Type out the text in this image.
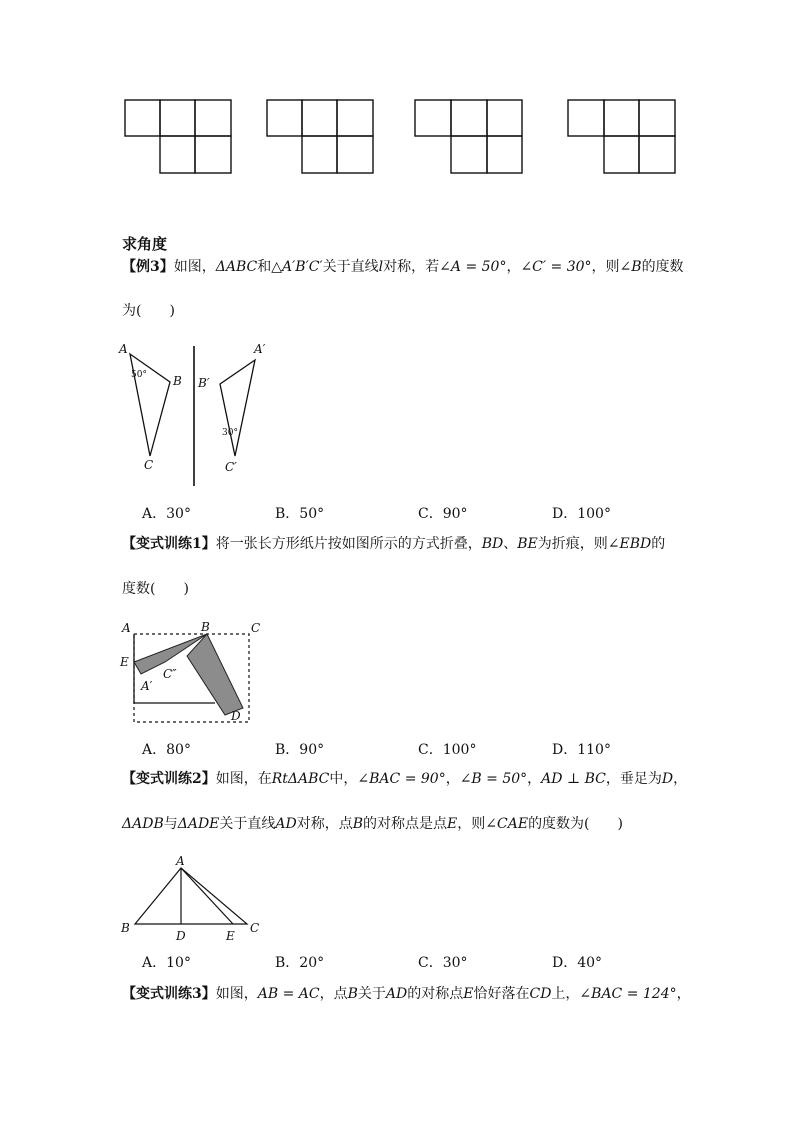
求角度
【例3】如图，ΔABC和△A′B′C′关于直线l对称，若∠A = 50°，∠C′ = 30°，则∠B的度数
为(　　)
A
B
C
A′
B′
C′
50°
30°
A．30°	B．50°	C．90°	D．100°
【变式训练1】将一张长方形纸片按如图所示的方式折叠，BD、BE为折痕，则∠EBD的
度数(　　)
A	B	C
E
C″
A′
D
A．80°	B．90°	C．100°	D．110°
【变式训练2】如图，在RtΔABC中，∠BAC = 90°，∠B = 50°，AD ⊥ BC，垂足为D，
ΔADB与ΔADE关于直线AD对称，点B的对称点是点E，则∠CAE的度数为(　　)
A
B
D	E
C
A．10°	B．20°	C．30°	D．40°
【变式训练3】如图，AB = AC，点B关于AD的对称点E恰好落在CD上，∠BAC = 124°，
